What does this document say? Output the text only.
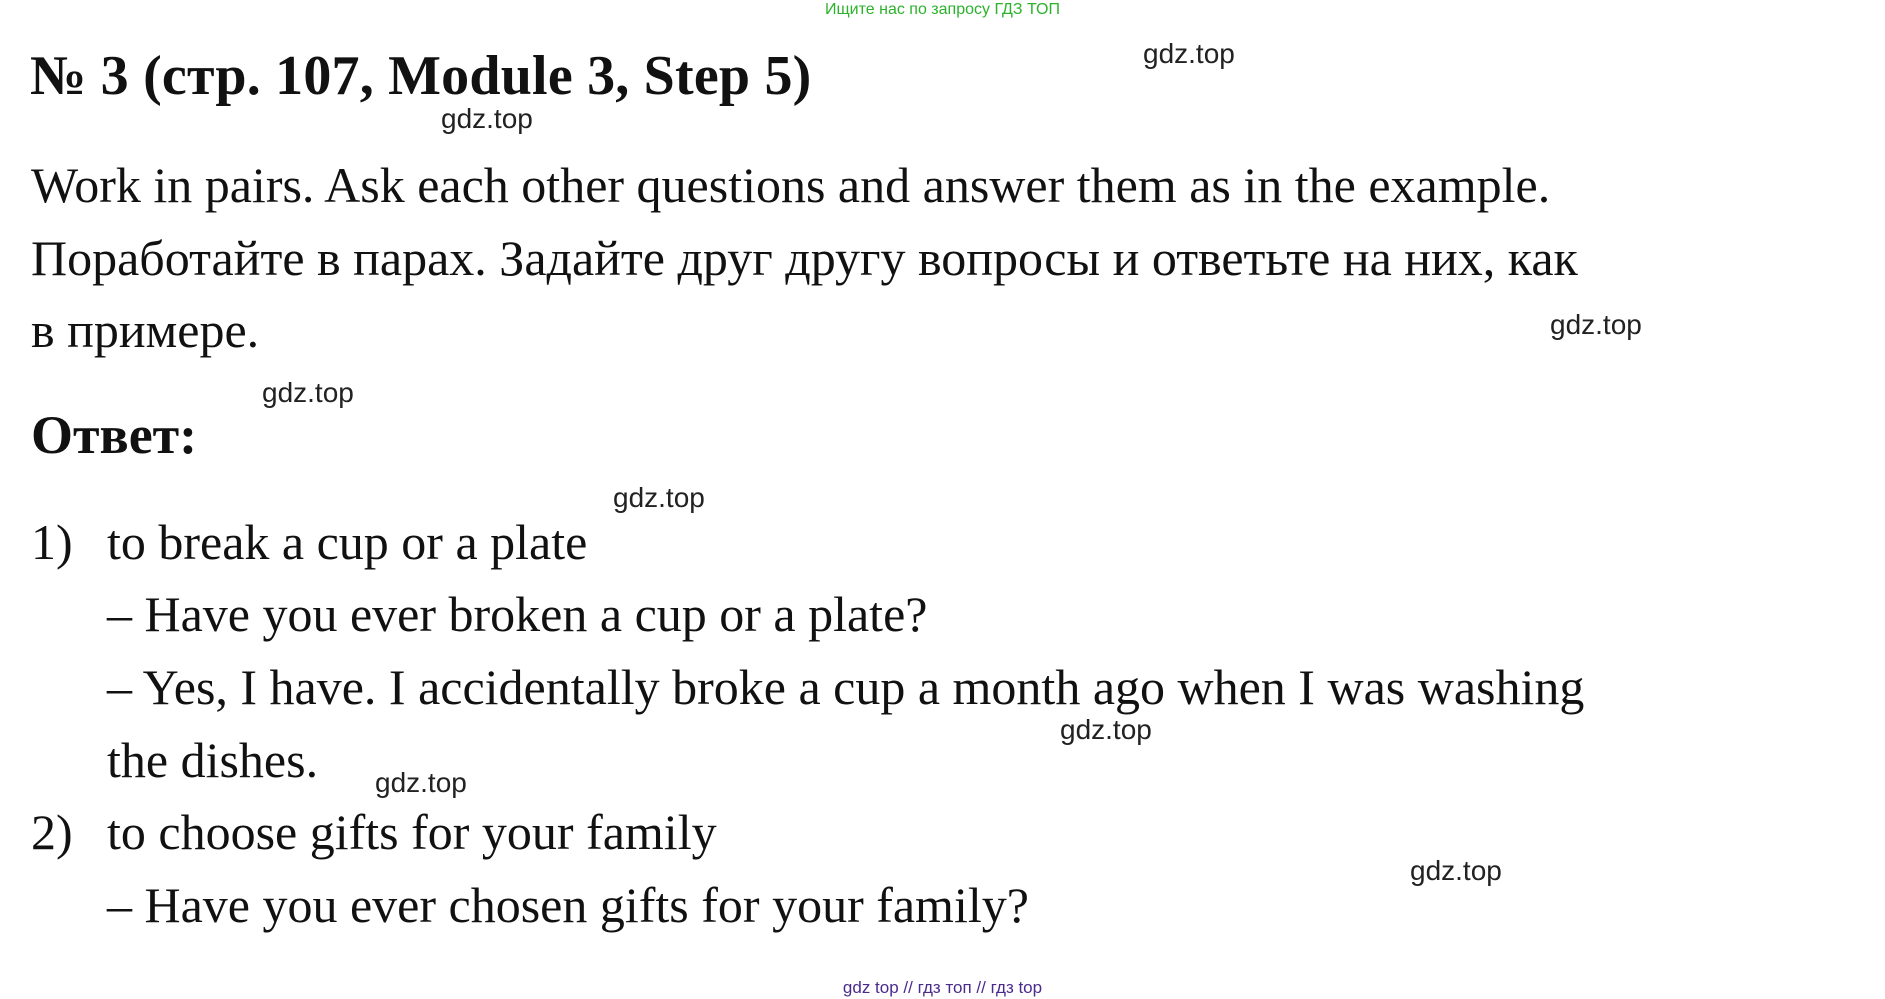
Ищите нас по запросу ГДЗ ТОП
№ 3 (стр. 107, Module 3, Step 5)
Work in pairs. Ask each other questions and answer them as in the example.
Поработайте в парах. Задайте друг другу вопросы и ответьте на них, как
в примере.
Ответ:
1) to break a cup or a plate
– Have you ever broken a cup or a plate?
– Yes, I have. I accidentally broke a cup a month ago when I was washing
the dishes.
2) to choose gifts for your family
– Have you ever chosen gifts for your family?
gdz.top
gdz.top
gdz.top
gdz.top
gdz.top
gdz.top
gdz.top
gdz.top
gdz top // гдз топ // гдз top
